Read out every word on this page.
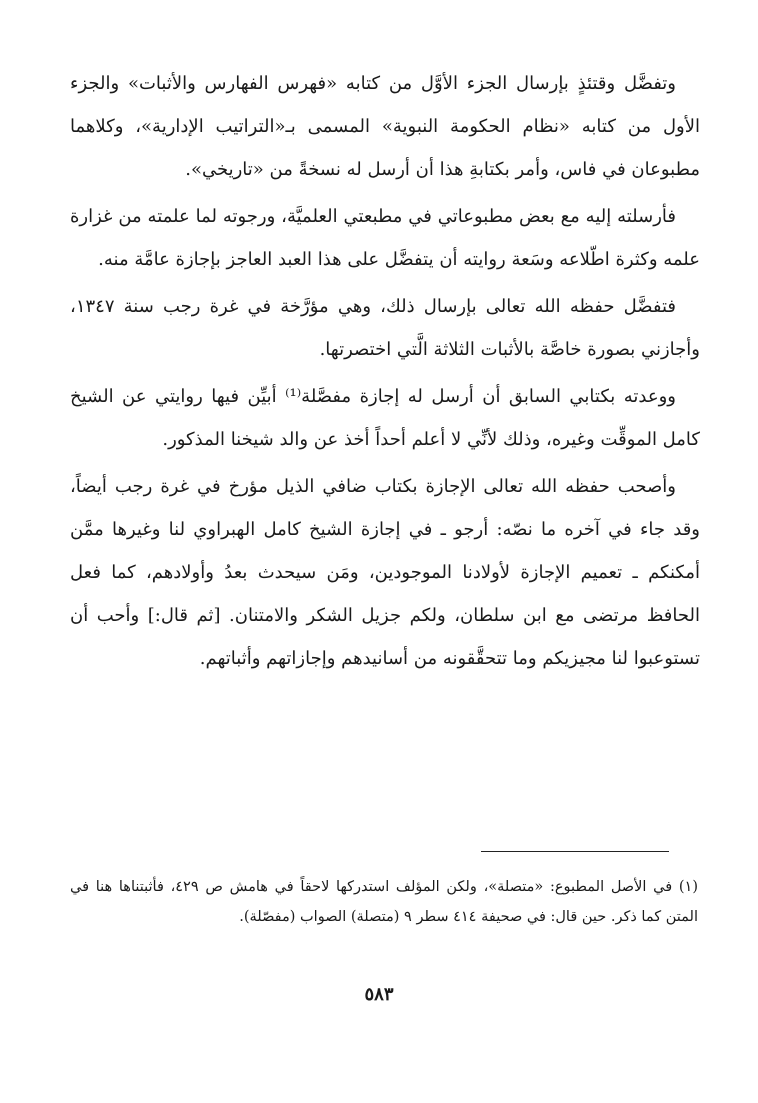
وتفضَّل وقتئذٍ بإرسال الجزء الأوَّل من كتابه «فهرس الفهارس والأثبات» والجزء الأول من كتابه «نظام الحكومة النبوية» المسمى بـ«التراتيب الإدارية»، وكلاهما مطبوعان في فاس، وأمر بكتابةِ هذا أن أرسل له نسخةً من «تاريخي».

فأرسلته إليه مع بعض مطبوعاتي في مطبعتي العلميَّة، ورجوته لما علمته من غزارة علمه وكثرة اطّلاعه وسَعة روايته أن يتفضَّل على هذا العبد العاجز بإجازة عامَّة منه.

فتفضَّل حفظه الله تعالى بإرسال ذلك، وهي مؤرَّخة في غرة رجب سنة ١٣٤٧، وأجازني بصورة خاصَّة بالأثبات الثلاثة الَّتي اختصرتها.

ووعدته بكتابي السابق أن أرسل له إجازة مفصَّلة⁽¹⁾ أبيِّن فيها روايتي عن الشيخ كامل الموقِّت وغيره، وذلك لأنِّي لا أعلم أحداً أخذ عن والد شيخنا المذكور.

وأصحب حفظه الله تعالى الإجازة بكتاب ضافي الذيل مؤرخ في غرة رجب أيضاً، وقد جاء في آخره ما نصّه: أرجو ـ في إجازة الشيخ كامل الهبراوي لنا وغيرها ممَّن أمكنكم ـ تعميم الإجازة لأولادنا الموجودين، ومَن سيحدث بعدُ وأولادهم، كما فعل الحافظ مرتضى مع ابن سلطان، ولكم جزيل الشكر والامتنان. [ثم قال:] وأحب أن تستوعبوا لنا مجيزيكم وما تتحقَّقونه من أسانيدهم وإجازاتهم وأثباتهم.

(١) في الأصل المطبوع: «متصلة»، ولكن المؤلف استدركها لاحقاً في هامش ص ٤٢٩، فأثبتناها هنا في المتن كما ذكر. حين قال: في صحيفة ٤١٤ سطر ٩ (متصلة) الصواب (مفصّلة).
٥٨٣
